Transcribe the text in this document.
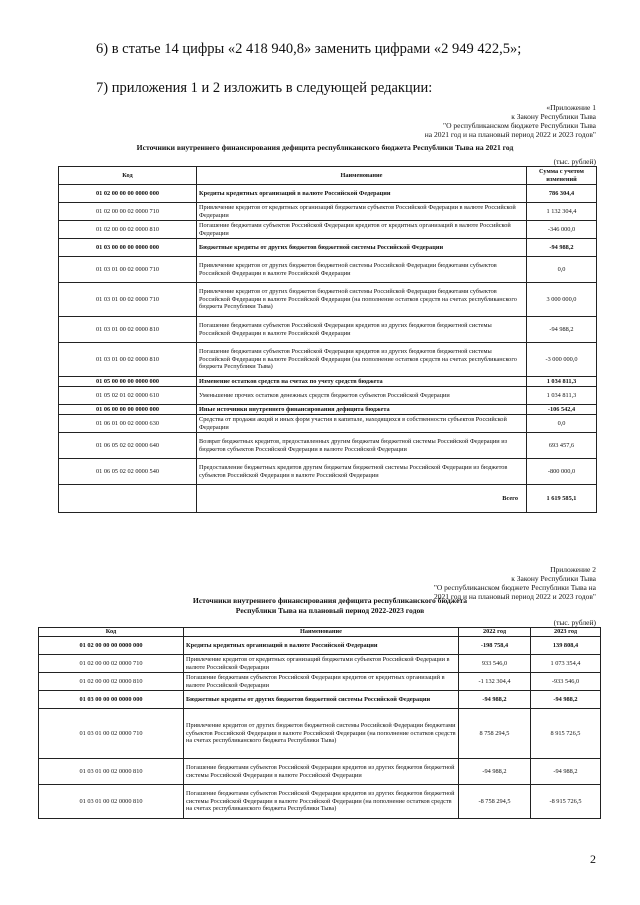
6) в статье 14 цифры «2 418 940,8» заменить цифрами «2 949 422,5»;
7) приложения 1 и 2 изложить в следующей редакции:
«Приложение 1
к Закону Республики Тыва
"О республиканском бюджете Республики Тыва
на 2021 год и на плановый период 2022 и 2023 годов"
Источники внутреннего финансирования дефицита республиканского бюджета Республики Тыва на 2021 год
(тыс. рублей)
Код	Наименование	Сумма с учетом изменений
01 02 00 00 00 0000 000	Кредиты кредитных организаций в валюте Российской Федерации	786 304,4
01 02 00 00 02 0000 710	Привлечение кредитов от кредитных организаций бюджетами субъектов Российской Федерации в валюте Российской Федерации	1 132 304,4
01 02 00 00 02 0000 810	Погашение бюджетами субъектов Российской Федерации кредитов от кредитных организаций в валюте Российской Федерации	-346 000,0
01 03 00 00 00 0000 000	Бюджетные кредиты от других бюджетов бюджетной системы Российской Федерации	-94 988,2
01 03 01 00 02 0000 710	Привлечение кредитов от других бюджетов бюджетной системы Российской Федерации бюджетами субъектов Российской Федерации в валюте Российской Федерации	0,0
01 03 01 00 02 0000 710	Привлечение кредитов от других бюджетов бюджетной системы Российской Федерации бюджетами субъектов Российской Федерации в валюте Российской Федерации (на пополнение остатков средств на счетах республиканского бюджета Республики Тыва)	3 000 000,0
01 03 01 00 02 0000 810	Погашение бюджетами субъектов Российской Федерации кредитов из других бюджетов бюджетной системы Российской Федерации в валюте Российской Федерации	-94 988,2
01 03 01 00 02 0000 810	Погашение бюджетами субъектов Российской Федерации кредитов из других бюджетов бюджетной системы Российской Федерации в валюте Российской Федерации (на пополнение остатков средств на счетах республиканского бюджета Республики Тыва)	-3 000 000,0
01 05 00 00 00 0000 000	Изменение остатков средств на счетах по учету средств бюджета	1 034 811,3
01 05 02 01 02 0000 610	Уменьшение прочих остатков денежных средств бюджетов субъектов Российской Федерации	1 034 811,3
01 06 00 00 00 0000 000	Иные источники внутреннего финансирования дефицита бюджета	-106 542,4
01 06 01 00 02 0000 630	Средства от продажи акций и иных форм участия в капитале, находящихся в собственности субъектов Российской Федерации	0,0
01 06 05 02 02 0000 640	Возврат бюджетных кредитов, предоставленных другим бюджетам бюджетной системы Российской Федерации из бюджетов субъектов Российской Федерации в валюте Российской Федерации	693 457,6
01 06 05 02 02 0000 540	Предоставление бюджетных кредитов другим бюджетам бюджетной системы Российской Федерации из бюджетов субъектов Российской Федерации в валюте Российской Федерации	-800 000,0
	Всего	1 619 585,1
Приложение 2
к Закону Республики Тыва
"О республиканском бюджете Республики Тыва на
2021 год и на плановый период 2022 и 2023 годов"
Источники внутреннего финансирования дефицита республиканского бюджета
Республики Тыва на плановый период 2022-2023 годов
(тыс. рублей)
Код	Наименование	2022 год	2023 год
01 02 00 00 00 0000 000	Кредиты кредитных организаций в валюте Российской Федерации	-198 758,4	139 808,4
01 02 00 00 02 0000 710	Привлечение кредитов от кредитных организаций бюджетами субъектов Российской Федерации в валюте Российской Федерации	933 546,0	1 073 354,4
01 02 00 00 02 0000 810	Погашение бюджетами субъектов Российской Федерации кредитов от кредитных организаций в валюте Российской Федерации	-1 132 304,4	-933 546,0
01 03 00 00 00 0000 000	Бюджетные кредиты от других бюджетов бюджетной системы Российской Федерации	-94 988,2	-94 988,2
01 03 01 00 02 0000 710	Привлечение кредитов от других бюджетов бюджетной системы Российской Федерации бюджетами субъектов Российской Федерации в валюте Российской Федерации (на пополнение остатков средств на счетах республиканского бюджета Республики Тыва)	8 758 294,5	8 915 726,5
01 03 01 00 02 0000 810	Погашение бюджетами субъектов Российской Федерации кредитов из других бюджетов бюджетной системы Российской Федерации в валюте Российской Федерации	-94 988,2	-94 988,2
01 03 01 00 02 0000 810	Погашение бюджетами субъектов Российской Федерации кредитов из других бюджетов бюджетной системы Российской Федерации в валюте Российской Федерации (на пополнение остатков средств на счетах республиканского бюджета Республики Тыва)	-8 758 294,5	-8 915 726,5
2
